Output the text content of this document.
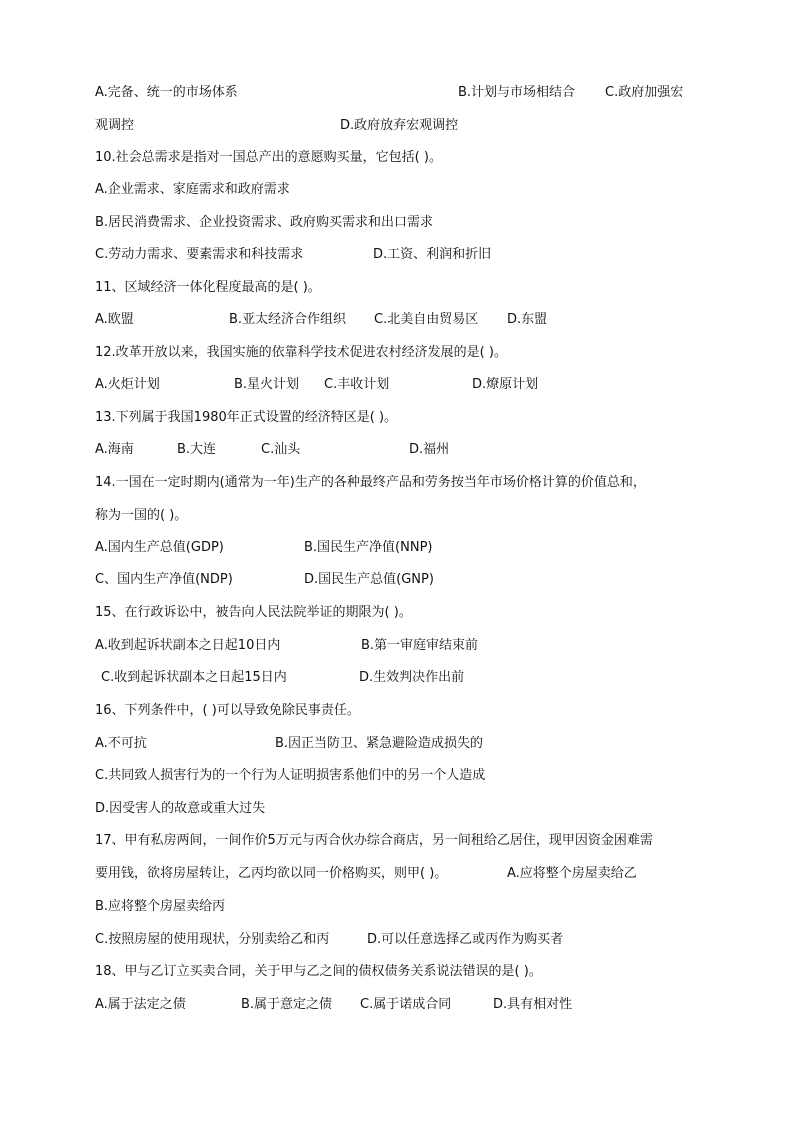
A.完备、统一的市场体系	B.计划与市场相结合 C.政府加强宏
观调控	D.政府放弃宏观调控
10.社会总需求是指对一国总产出的意愿购买量，它包括( )。
A.企业需求、家庭需求和政府需求
B.居民消费需求、企业投资需求、政府购买需求和出口需求
C.劳动力需求、要素需求和科技需求	D.工资、利润和折旧
11、区域经济一体化程度最高的是( )。
A.欧盟	B.亚太经济合作组织 C.北美自由贸易区 D.东盟
12.改革开放以来，我国实施的依靠科学技术促进农村经济发展的是( )。
A.火炬计划	B.星火计划 C.丰收计划	D.燎原计划
13.下列属于我国1980年正式设置的经济特区是( )。
A.海南	B.大连	C.汕头	D.福州
14.一国在一定时期内(通常为一年)生产的各种最终产品和劳务按当年市场价格计算的价值总和，
称为一国的( )。
A.国内生产总值(GDP)	B.国民生产净值(NNP)
C、国内生产净值(NDP)	D.国民生产总值(GNP)
15、在行政诉讼中，被告向人民法院举证的期限为( )。
A.收到起诉状副本之日起10日内	B.第一审庭审结束前
C.收到起诉状副本之日起15日内	D.生效判决作出前
16、下列条件中，( )可以导致免除民事责任。
A.不可抗	B.因正当防卫、紧急避险造成损失的
C.共同致人损害行为的一个行为人证明损害系他们中的另一个人造成
D.因受害人的故意或重大过失
17、甲有私房两间，一间作价5万元与丙合伙办综合商店，另一间租给乙居住，现甲因资金困难需
要用钱，欲将房屋转让，乙丙均欲以同一价格购买，则甲( )。	A.应将整个房屋卖给乙
B.应将整个房屋卖给丙
C.按照房屋的使用现状，分别卖给乙和丙	D.可以任意选择乙或丙作为购买者
18、甲与乙订立买卖合同，关于甲与乙之间的债权债务关系说法错误的是( )。
A.属于法定之债	B.属于意定之债 C.属于诺成合同	D.具有相对性
